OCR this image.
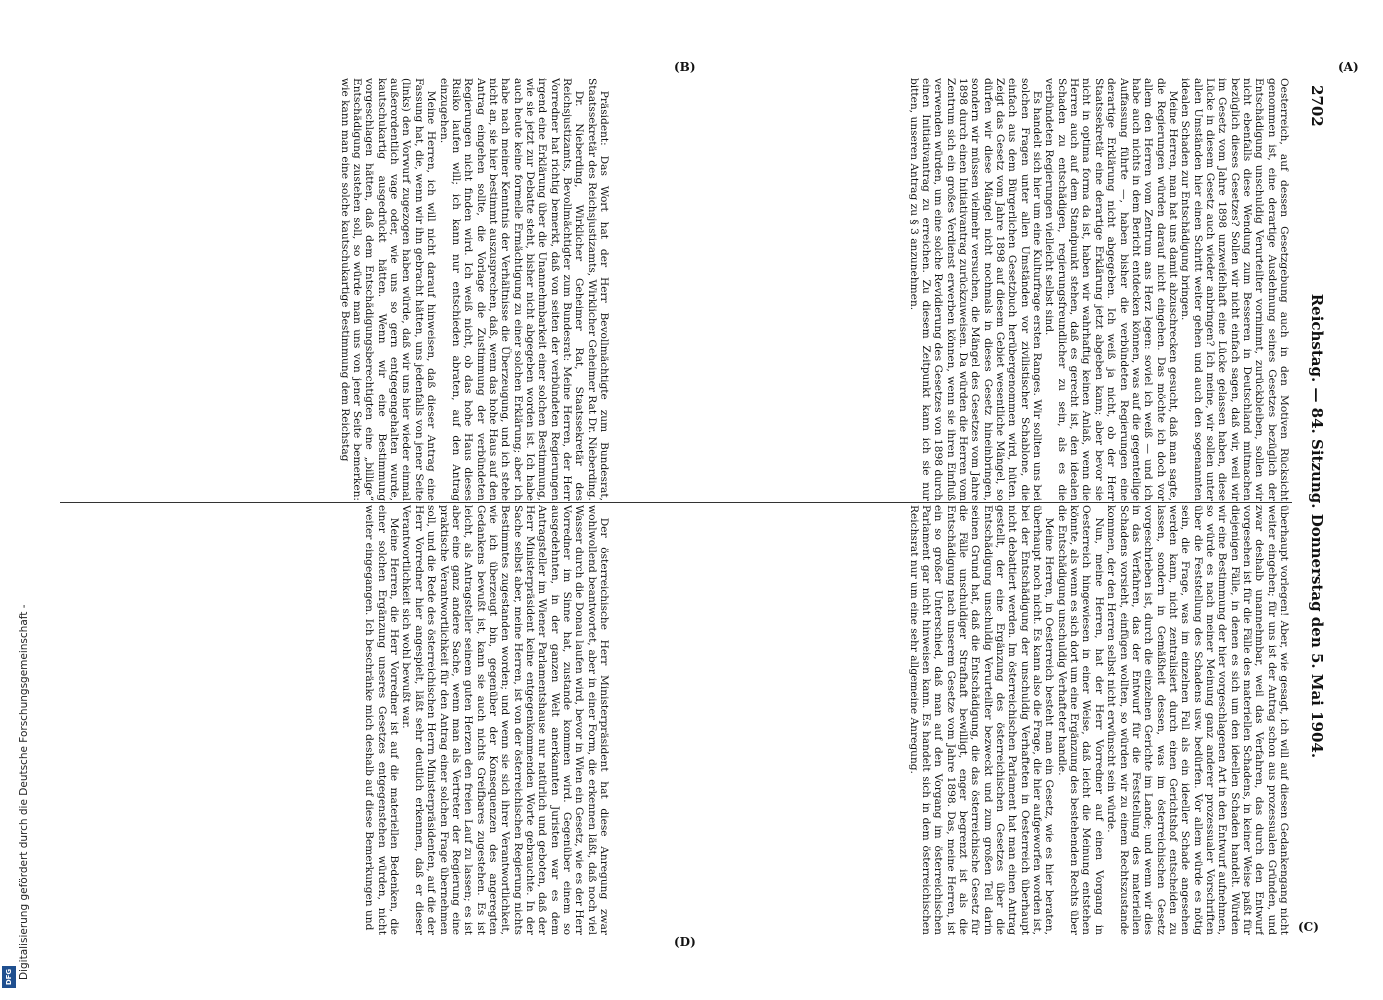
2702
Reichstag. — 84. Sitzung. Donnerstag den 5. Mai 1904.
(A)
(B)
(C)
(D)

Oesterreich, auf dessen Gesetzgebung auch in den Motiven Rücksicht genommen ist, eine derartige Ausdehnung seines Gesetzes bezüglich der Entschädigung unschuldig Verurteilter vornimmt, zurückbleiben, sollen wir nicht ebenfalls diese Wendung zum Besseren in Deutschland mitmachen bezüglich dieses Gesetzes? Sollen wir nicht einfach sagen, daß wir, weil wir im Gesetz vom Jahre 1898 unzweifelhaft eine Lücke gelassen haben, diese Lücke in diesem Gesetz auch wieder anbringen? Ich meine, wir sollen unter allen Umständen hier einen Schritt weiter gehen und auch den sogenannten idealen Schaden zur Entschädigung bringen.

Meine Herren, man hat uns damit abzuschrecken gesucht, daß man sagte, die Regierungen würden darauf nicht eingehen. Das möchte ich doch vor allem den Herren vom Zentrum ans Herz legen: soviel ich weiß — und ich habe auch nichts in dem Bericht entdecken können, was auf die gegenteilige Auffassung führte —, haben bisher die verbündeten Regierungen eine derartige Erklärung nicht abgegeben. Ich weiß ja nicht, ob der Herr Staatssekretär eine derartige Erklärung jetzt abgeben kann; aber bevor sie nicht in optima forma da ist, haben wir wahrhaftig keinen Anlaß, wenn die Herren auch auf dem Standpunkt stehen, daß es gerecht ist, den idealen Schaden zu entschädigen, regierungsfreundlicher zu sein, als es die verbündeten Regierungen vielleicht selbst sind.

Es handelt sich hier um eine Kulturfrage ersten Ranges. Wir sollten uns bei solchen Fragen unter allen Umständen vor zivilistischer Schablone, die einfach aus dem Bürgerlichen Gesetzbuch herübergenommen wird, hüten. Zeigt das Gesetz vom Jahre 1898 auf diesem Gebiet wesentliche Mängel, so dürfen wir diese Mängel nicht nochmals in dieses Gesetz hineinbringen, sondern wir müssen vielmehr versuchen, die Mängel des Gesetzes vom Jahre 1898 durch einen Initiativantrag zurückzuweisen. Da würden die Herren vom Zentrum sich ein großes Verdienst erwerben können, wenn sie ihren Einfluß verwenden würden, um eine solche Revidierung des Gesetzes von 1898 durch einen Initiativantrag zu erreichen. Zu diesem Zeitpunkt kann ich sie nur bitten, unseren Antrag zu § 3 anzunehmen.

Präsident: Das Wort hat der Herr Bevollmächtigte zum Bundesrat, Staatssekretär des Reichsjustizamts, Wirklicher Geheimer Rat Dr. Nieberding.

Dr. Nieberding, Wirklicher Geheimer Rat, Staatssekretär des Reichsjustizamts, Bevollmächtigter zum Bundesrat: Meine Herren, der Herr Vorredner hat richtig bemerkt, daß von seiten der verbündeten Regierungen irgend eine Erklärung über die Unannehmbarkeit einer solchen Bestimmung, wie sie jetzt zur Debatte steht, bisher nicht abgegeben worden ist. Ich habe auch heute keine formelle Ermächtigung zu einer solchen Erklärung; aber ich habe nach meiner Kenntnis der Verhältnisse die Überzeugung, und ich stehe nicht an, sie hier bestimmt auszusprechen, daß, wenn das hohe Haus auf den Antrag eingehen sollte, die Vorlage die Zustimmung der verbündeten Regierungen nicht finden wird. Ich weiß nicht, ob das hohe Haus dieses Risiko laufen will; ich kann nur entschieden abraten, auf den Antrag einzugehen.

Meine Herren, ich will nicht darauf hinweisen, daß dieser Antrag eine Fassung hat, die, wenn wir ihn gebracht hätten, uns jedenfalls von jener Seite (links) den Vorwurf zugezogen haben würde, daß wir uns hier wieder einmal außerordentlich vage oder, wie uns so gern entgegengehalten wurde, kautschukartig ausgedrückt hätten. Wenn wir eine Bestimmung vorgeschlagen hätten, daß dem Entschädigungsberechtigten eine „billige“ Entschädigung zustehen soll, so würde man uns von jener Seite bemerken: wie kann man eine solche kautschukartige Bestimmung dem Reichstag

überhaupt vorlegen! Aber, wie gesagt, ich will auf diesen Gedankengang nicht weiter eingehen; für uns ist der Antrag schon aus prozessualen Gründen, und zwar deshalb unannehmbar, weil das Verfahren, das durch den Entwurf vorgesehen ist für die Fälle des materiellen Schadens, in keiner Weise paßt für diejenigen Fälle, in denen es sich um den ideellen Schaden handelt. Würden wir eine Bestimmung der hier vorgeschlagenen Art in den Entwurf aufnehmen, so würde es nach meiner Meinung ganz anderer prozessualer Vorschriften über die Feststellung des Schadens usw. bedürfen. Vor allem würde es nötig sein, die Frage, was im einzelnen Fall als ein ideeller Schade angesehen werden kann, nicht zentralisiert durch einen Gerichtshof entscheiden zu lassen, sondern in Gemäßheit dessen, was im österreichischen Gesetz vorgeschrieben ist, durch die einzelnen Gerichte im Lande; und wenn wir dies in das Verfahren, das der Entwurf für die Feststellung des materiellen Schadens vorsieht, einfügen wollten, so würden wir zu einem Rechtszustande kommen, der den Herren selbst nicht erwünscht sein würde.

Nun, meine Herren, hat der Herr Vorredner auf einen Vorgang in Oesterreich hingewiesen in einer Weise, daß leicht die Meinung entstehen könnte, als wenn es sich dort um eine Ergänzung des bestehenden Rechts über die Entschädigung unschuldig Verhafteter handle.

Meine Herren, in Oesterreich besteht man ein Gesetz, wie es hier beraten, überhaupt noch nicht. Es kann also die Frage, die hier aufgeworfen worden ist, bei der Entschädigung der unschuldig Verhafteten in Oesterreich überhaupt nicht debattiert werden. Im österreichischen Parlament hat man einen Antrag gestellt, der eine Ergänzung des österreichischen Gesetzes über die Entschädigung unschuldig Verurteilter bezweckt und zum großen Teil darin seinen Grund hat, daß die Entschädigung, die das österreichische Gesetz für die Fälle unschuldiger Strafhaft bewilligt, enger begrenzt ist als die Entschädigung nach unserem Gesetze vom Jahre 1898. Das, meine Herren, ist ein so großer Unterschied, daß man auf den Vorgang im österreichischen Parlament gar nicht hinweisen kann. Es handelt sich in dem österreichischen Reichsrat nur um eine sehr allgemeine Anregung.

Der österreichische Herr Ministerpräsident hat diese Anregung zwar wohlwollend beantwortet, aber in einer Form, die erkennen läßt, daß noch viel Wasser durch die Donau laufen wird, bevor in Wien ein Gesetz, wie es der Herr Vorredner im Sinne hat, zustande kommen wird. Gegenüber einem so ausgedehnten, in der ganzen Welt anerkannten Juristen war es dem Antragsteller im Wiener Parlamentshause nur natürlich und geboten, daß der Herr Ministerpräsident keine entgegenkommenden Worte gebrauchte. In der Sache selbst aber, meine Herren, ist von der österreichischen Regierung nichts Bestimmtes zugestanden worden; und wenn sie sich ihrer Verantwortlichkeit, wie ich überzeugt bin, gegenüber der Konsequenzen des angeregten Gedankens bewußt ist, kann sie auch nichts Greifbares zugestehen. Es ist leicht, als Antragsteller seinem guten Herzen den freien Lauf zu lassen; es ist aber eine ganz andere Sache, wenn man als Vertreter der Regierung eine praktische Verantwortlichkeit für den Antrag einer solchen Frage übernehmen soll, und die Rede des österreichischen Herrn Ministerpräsidenten, auf die der Herr Vorredner hier angespielt, läßt sehr deutlich erkennen, daß er dieser Verantwortlichkeit sich wohl bewußt war.

Meine Herren, die Herr Vorredner ist auf die materiellen Bedenken, die einer solchen Ergänzung unseres Gesetzes entgegenstehen würden, nicht weiter eingegangen. Ich beschränke mich deshalb auf diese Bemerkungen und

Digitalisierung gefördert durch die Deutsche Forschungsgemeinschaft -
DFG
